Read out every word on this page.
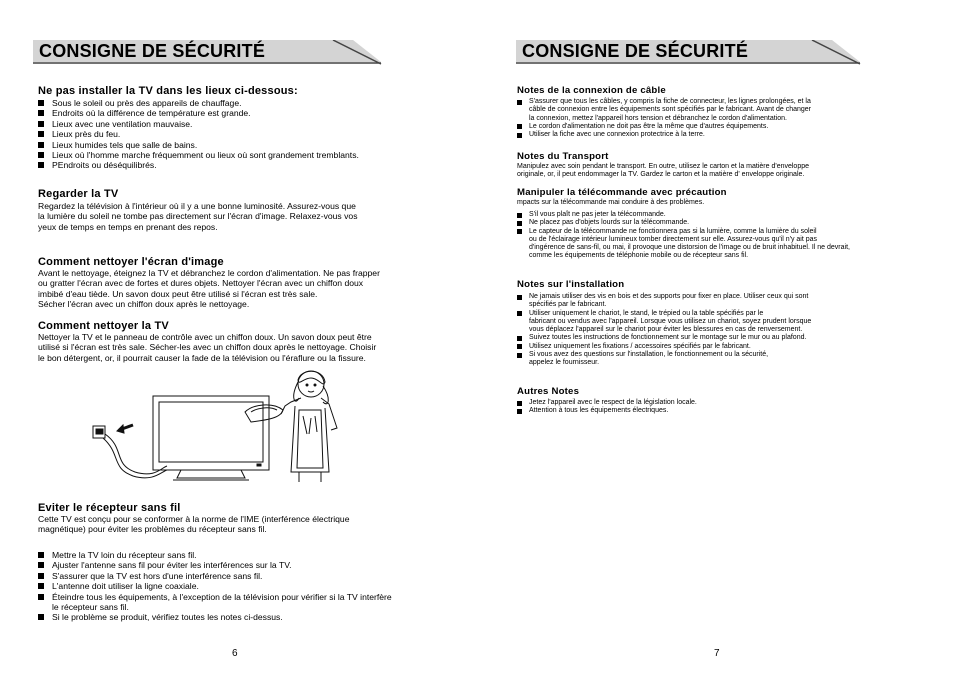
CONSIGNE DE SÉCURITÉ
Ne pas installer la TV dans les lieux ci-dessous:
Sous le soleil ou près des appareils de chauffage.
Endroits où la différence de température est grande.
Lieux avec une ventilation mauvaise.
Lieux près du feu.
Lieux humides tels que salle de bains.
Lieux où l'homme marche fréquemment ou lieux où sont grandement tremblants.
PEndroits ou déséquilibrés.
Regarder la TV
Regardez la télévision à l'intérieur où il y a une bonne luminosité. Assurez-vous que
la lumière du soleil ne tombe pas directement sur l'écran d'image. Relaxez-vous vos
yeux de temps en temps en prenant des repos.
Comment nettoyer l'écran d'image
Avant le nettoyage, éteignez la TV et débranchez le cordon d'alimentation. Ne pas frapper
ou gratter l'écran avec de fortes et dures objets. Nettoyer l'écran avec un chiffon doux
imbibé d'eau tiède. Un savon doux peut être utilisé si l'écran est très sale.
Sécher l'écran avec un chiffon doux après le nettoyage.
Comment nettoyer la TV
Nettoyer la TV et le panneau de contrôle avec un chiffon doux. Un savon doux peut être
utilisé si l'écran est très sale. Sécher-les avec un chiffon doux après le nettoyage. Choisir
le bon détergent, or, il pourrait causer la fade de la télévision ou l'éraflure ou la fissure.
Eviter le récepteur sans fil
Cette TV est conçu pour se conformer à la norme de l'IME (interférence électrique
magnétique) pour éviter les problèmes du récepteur sans fil.
Mettre la TV loin du récepteur sans fil.
Ajuster l'antenne sans fil pour éviter les interférences sur la TV.
S'assurer que la TV est hors d'une interférence sans fil.
L'antenne doit utiliser la ligne coaxiale.
Éteindre tous les équipements, à l'exception de la télévision pour vérifier si la TV interfère
le récepteur sans fil.
Si le problème se produit, vérifiez toutes les notes ci-dessus.
6
CONSIGNE DE SÉCURITÉ
Notes de la connexion de câble
S'assurer que tous les câbles, y compris la fiche de connecteur, les lignes prolongées, et la
câble de connexion entre les équipements sont spécifiés par le fabricant. Avant de changer
la connexion, mettez l'appareil hors tension et débranchez le cordon d'alimentation.
Le cordon d'alimentation ne doit pas être la même que d'autres équipements.
Utiliser la fiche avec une connexion protectrice à la terre.
Notes du Transport
Manipulez avec soin pendant le transport. En outre, utilisez le carton et la matière d'enveloppe
originale, or, il peut endommager la TV. Gardez le carton et la matière d' enveloppe originale.
Manipuler la télécommande avec précaution
mpacts sur la télécommande mai conduire à des problèmes.
S'il vous plaît ne pas jeter la télécommande.
Ne placez pas d'objets lourds sur la télécommande.
Le capteur de la télécommande ne fonctionnera pas si la lumière, comme la lumière du soleil
ou de l'éclairage intérieur lumineux tomber directement sur elle. Assurez-vous qu'il n'y ait pas
d'ingérence de sans-fil, ou mai, il provoque une distorsion de l'image ou de bruit inhabituel. Il ne devrait,
comme les équipements de téléphonie mobile ou de récepteur sans fil.
Notes sur l'installation
Ne jamais utiliser des vis en bois et des supports pour fixer en place. Utiliser ceux qui sont
spécifiés par le fabricant.
Utiliser uniquement le chariot, le stand, le trépied ou la table spécifiés par le
fabricant ou vendus avec l'appareil. Lorsque vous utilisez un chariot, soyez prudent lorsque
vous déplacez l'appareil sur le chariot pour éviter les blessures en cas de renversement.
Suivez toutes les instructions de fonctionnement sur le montage sur le mur ou au plafond.
Utilisez uniquement les fixations / accessoires spécifiés par le fabricant.
Si vous avez des questions sur l'installation, le fonctionnement ou la sécurité,
appelez le fournisseur.
Autres Notes
Jetez l'appareil avec le respect de la législation locale.
Attention à tous les équipements électriques.
7
